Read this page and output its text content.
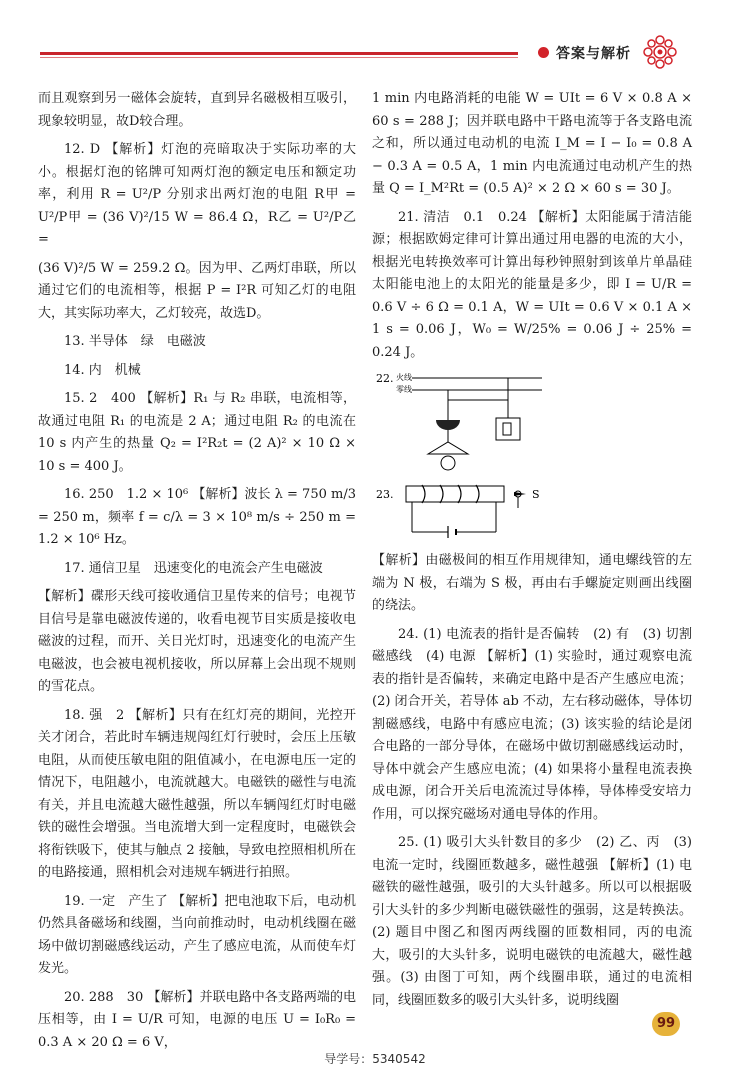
答案与解析

而且观察到另一磁体会旋转，直到异名磁极相互吸引，现象较明显，故D较合理。

12. D 【解析】灯泡的亮暗取决于实际功率的大小。根据灯泡的铭牌可知两灯泡的额定电压和额定功率，利用 R = U²/P 分别求出两灯泡的电阻 R甲 = U²/P甲 = (36 V)²/15 W = 86.4 Ω，R乙 = U²/P乙 =

(36 V)²/5 W = 259.2 Ω。因为甲、乙两灯串联，所以通过它们的电流相等，根据 P = I²R 可知乙灯的电阻大，其实际功率大，乙灯较亮，故选D。

13. 半导体　绿　电磁波

14. 内　机械

15. 2　400 【解析】R₁ 与 R₂ 串联，电流相等，故通过电阻 R₁ 的电流是 2 A；通过电阻 R₂ 的电流在 10 s 内产生的热量 Q₂ = I²R₂t = (2 A)² × 10 Ω × 10 s = 400 J。

16. 250　1.2 × 10⁶ 【解析】波长 λ = 750 m/3 = 250 m，频率 f = c/λ = 3 × 10⁸ m/s ÷ 250 m = 1.2 × 10⁶ Hz。

17. 通信卫星　迅速变化的电流会产生电磁波

【解析】碟形天线可接收通信卫星传来的信号；电视节目信号是靠电磁波传递的，收看电视节目实质是接收电磁波的过程，而开、关日光灯时，迅速变化的电流产生电磁波，也会被电视机接收，所以屏幕上会出现不规则的雪花点。

18. 强　2 【解析】只有在红灯亮的期间，光控开关才闭合，若此时车辆违规闯红灯行驶时，会压上压敏电阻，从而使压敏电阻的阻值减小，在电源电压一定的情况下，电阻越小，电流就越大。电磁铁的磁性与电流有关，并且电流越大磁性越强，所以车辆闯红灯时电磁铁的磁性会增强。当电流增大到一定程度时，电磁铁会将衔铁吸下，使其与触点 2 接触，导致电控照相机所在的电路接通，照相机会对违规车辆进行拍照。

19. 一定　产生了 【解析】把电池取下后，电动机仍然具备磁场和线圈，当向前推动时，电动机线圈在磁场中做切割磁感线运动，产生了感应电流，从而使车灯发光。

20. 288　30 【解析】并联电路中各支路两端的电压相等，由 I = U/R 可知，电源的电压 U = I₀R₀ = 0.3 A × 20 Ω = 6 V，

1 min 内电路消耗的电能 W = UIt = 6 V × 0.8 A × 60 s = 288 J；因并联电路中干路电流等于各支路电流之和，所以通过电动机的电流 I_M = I − I₀ = 0.8 A − 0.3 A = 0.5 A，1 min 内电流通过电动机产生的热量 Q = I_M²Rt = (0.5 A)² × 2 Ω × 60 s = 30 J。

21. 清洁　0.1　0.24 【解析】太阳能属于清洁能源；根据欧姆定律可计算出通过用电器的电流的大小，根据光电转换效率可计算出每秒钟照射到该单片单晶硅太阳能电池上的太阳光的能量是多少，即 I = U/R = 0.6 V ÷ 6 Ω = 0.1 A，W = UIt = 0.6 V × 0.1 A × 1 s = 0.06 J，W₀ = W/25% = 0.06 J ÷ 25% = 0.24 J。

22. 火线
零线
23.	S

【解析】由磁极间的相互作用规律知，通电螺线管的左端为 N 极，右端为 S 极，再由右手螺旋定则画出线圈的绕法。

24. (1) 电流表的指针是否偏转　(2) 有　(3) 切割磁感线　(4) 电源 【解析】(1) 实验时，通过观察电流表的指针是否偏转，来确定电路中是否产生感应电流；(2) 闭合开关，若导体 ab 不动，左右移动磁体，导体切割磁感线，电路中有感应电流；(3) 该实验的结论是闭合电路的一部分导体，在磁场中做切割磁感线运动时，导体中就会产生感应电流；(4) 如果将小量程电流表换成电源，闭合开关后电流流过导体棒，导体棒受安培力作用，可以探究磁场对通电导体的作用。

25. (1) 吸引大头针数目的多少　(2) 乙、丙　(3) 电流一定时，线圈匝数越多，磁性越强 【解析】(1) 电磁铁的磁性越强，吸引的大头针越多。所以可以根据吸引大头针的多少判断电磁铁磁性的强弱，这是转换法。(2) 题目中图乙和图丙两线圈的匝数相同，丙的电流大，吸引的大头针多，说明电磁铁的电流越大，磁性越强。(3) 由图丁可知，两个线圈串联，通过的电流相同，线圈匝数多的吸引大头针多，说明线圈

99
导学号：5340542
